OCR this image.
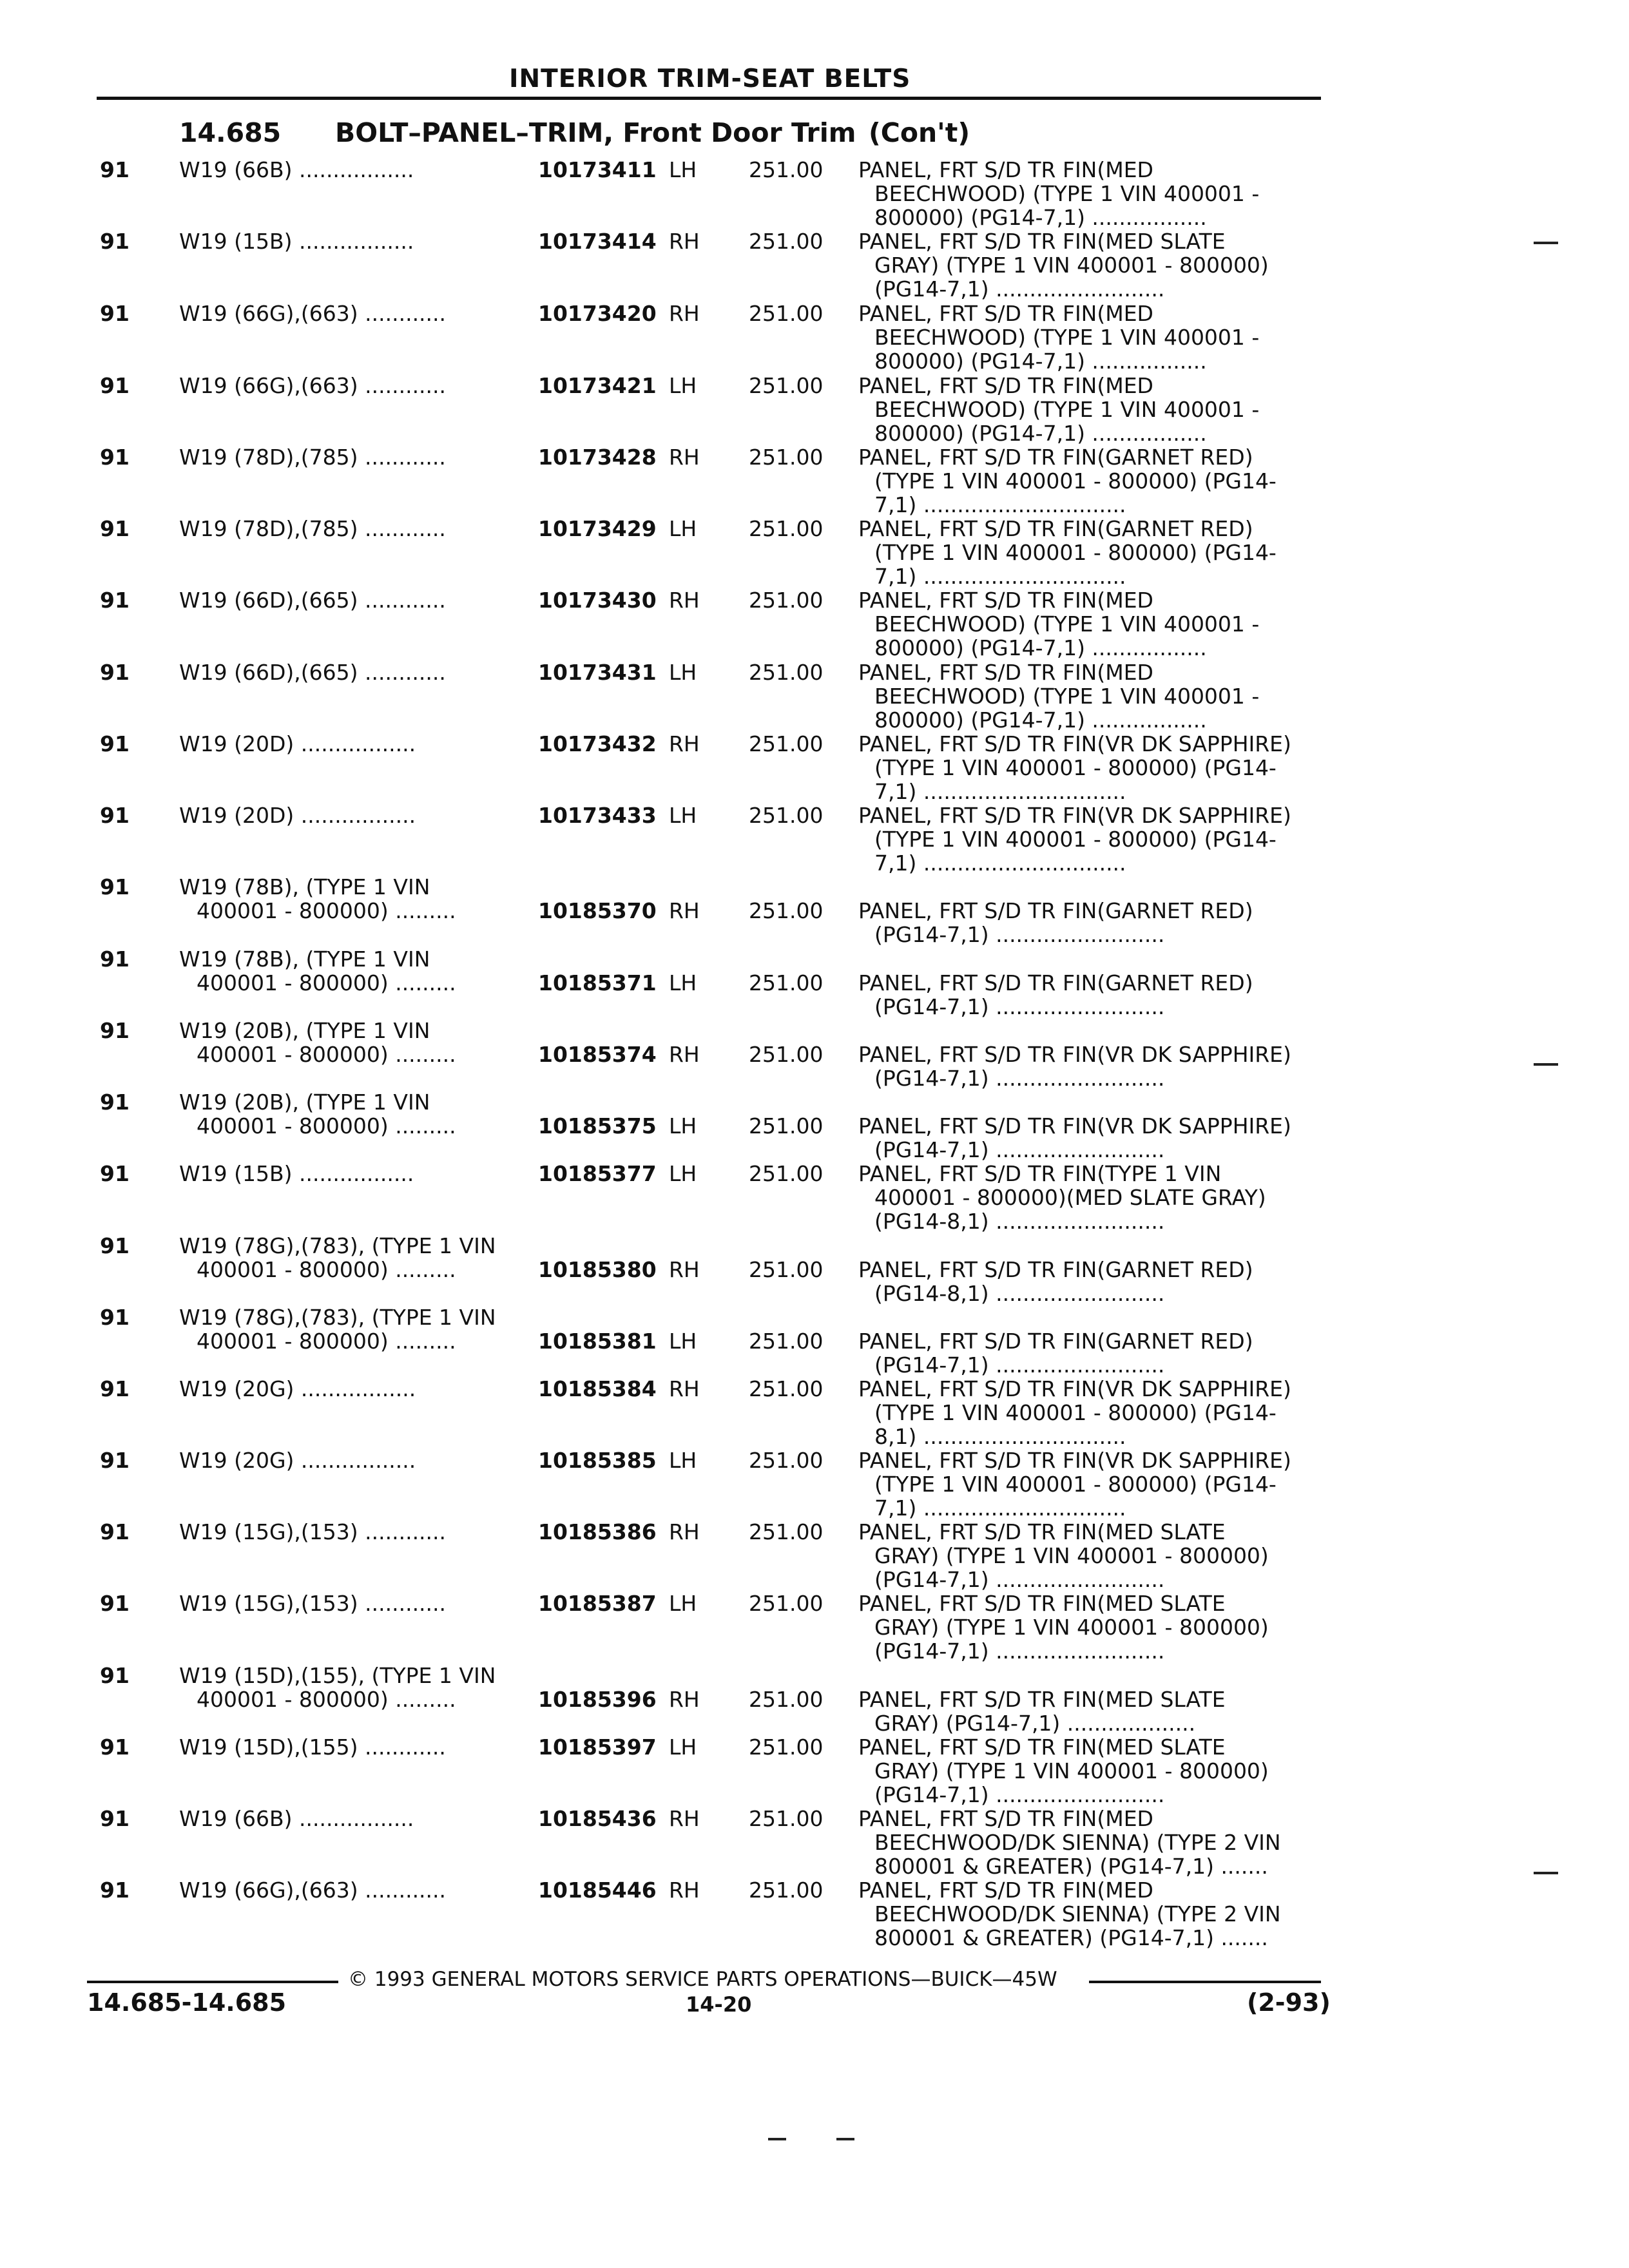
INTERIOR TRIM-SEAT BELTS
14.685 BOLT–PANEL–TRIM, Front Door Trim (Con't)
91 W19 (66B) .................	10173411 LH 251.00 PANEL, FRT S/D TR FIN(MED
BEECHWOOD) (TYPE 1 VIN 400001 -
800000) (PG14-7,1) .................
91 W19 (15B) .................	10173414 RH 251.00 PANEL, FRT S/D TR FIN(MED SLATE
GRAY) (TYPE 1 VIN 400001 - 800000)
(PG14-7,1) .........................
91 W19 (66G),(663) ............	10173420 RH 251.00 PANEL, FRT S/D TR FIN(MED
BEECHWOOD) (TYPE 1 VIN 400001 -
800000) (PG14-7,1) .................
91 W19 (66G),(663) ............	10173421 LH 251.00 PANEL, FRT S/D TR FIN(MED
BEECHWOOD) (TYPE 1 VIN 400001 -
800000) (PG14-7,1) .................
91 W19 (78D),(785) ............	10173428 RH 251.00 PANEL, FRT S/D TR FIN(GARNET RED)
(TYPE 1 VIN 400001 - 800000) (PG14-
7,1) ..............................
91 W19 (78D),(785) ............	10173429 LH 251.00 PANEL, FRT S/D TR FIN(GARNET RED)
(TYPE 1 VIN 400001 - 800000) (PG14-
7,1) ..............................
91 W19 (66D),(665) ............	10173430 RH 251.00 PANEL, FRT S/D TR FIN(MED
BEECHWOOD) (TYPE 1 VIN 400001 -
800000) (PG14-7,1) .................
91 W19 (66D),(665) ............	10173431 LH 251.00 PANEL, FRT S/D TR FIN(MED
BEECHWOOD) (TYPE 1 VIN 400001 -
800000) (PG14-7,1) .................
91 W19 (20D) .................	10173432 RH 251.00 PANEL, FRT S/D TR FIN(VR DK SAPPHIRE)
(TYPE 1 VIN 400001 - 800000) (PG14-
7,1) ..............................
91 W19 (20D) .................	10173433 LH 251.00 PANEL, FRT S/D TR FIN(VR DK SAPPHIRE)
(TYPE 1 VIN 400001 - 800000) (PG14-
7,1) ..............................
91 W19 (78B), (TYPE 1 VIN
400001 - 800000) .........	10185370 RH 251.00 PANEL, FRT S/D TR FIN(GARNET RED)
(PG14-7,1) .........................
91 W19 (78B), (TYPE 1 VIN
400001 - 800000) .........	10185371 LH 251.00 PANEL, FRT S/D TR FIN(GARNET RED)
(PG14-7,1) .........................
91 W19 (20B), (TYPE 1 VIN
400001 - 800000) .........	10185374 RH 251.00 PANEL, FRT S/D TR FIN(VR DK SAPPHIRE)
(PG14-7,1) .........................
91 W19 (20B), (TYPE 1 VIN
400001 - 800000) .........	10185375 LH 251.00 PANEL, FRT S/D TR FIN(VR DK SAPPHIRE)
(PG14-7,1) .........................
91 W19 (15B) .................	10185377 LH 251.00 PANEL, FRT S/D TR FIN(TYPE 1 VIN
400001 - 800000)(MED SLATE GRAY)
(PG14-8,1) .........................
91 W19 (78G),(783), (TYPE 1 VIN
400001 - 800000) .........	10185380 RH 251.00 PANEL, FRT S/D TR FIN(GARNET RED)
(PG14-8,1) .........................
91 W19 (78G),(783), (TYPE 1 VIN
400001 - 800000) .........	10185381 LH 251.00 PANEL, FRT S/D TR FIN(GARNET RED)
(PG14-7,1) .........................
91 W19 (20G) .................	10185384 RH 251.00 PANEL, FRT S/D TR FIN(VR DK SAPPHIRE)
(TYPE 1 VIN 400001 - 800000) (PG14-
8,1) ..............................
91 W19 (20G) .................	10185385 LH 251.00 PANEL, FRT S/D TR FIN(VR DK SAPPHIRE)
(TYPE 1 VIN 400001 - 800000) (PG14-
7,1) ..............................
91 W19 (15G),(153) ............	10185386 RH 251.00 PANEL, FRT S/D TR FIN(MED SLATE
GRAY) (TYPE 1 VIN 400001 - 800000)
(PG14-7,1) .........................
91 W19 (15G),(153) ............	10185387 LH 251.00 PANEL, FRT S/D TR FIN(MED SLATE
GRAY) (TYPE 1 VIN 400001 - 800000)
(PG14-7,1) .........................
91 W19 (15D),(155), (TYPE 1 VIN
400001 - 800000) .........	10185396 RH 251.00 PANEL, FRT S/D TR FIN(MED SLATE
GRAY) (PG14-7,1) ...................
91 W19 (15D),(155) ............	10185397 LH 251.00 PANEL, FRT S/D TR FIN(MED SLATE
GRAY) (TYPE 1 VIN 400001 - 800000)
(PG14-7,1) .........................
91 W19 (66B) .................	10185436 RH 251.00 PANEL, FRT S/D TR FIN(MED
BEECHWOOD/DK SIENNA) (TYPE 2 VIN
800001 & GREATER) (PG14-7,1) .......
91 W19 (66G),(663) ............	10185446 RH 251.00 PANEL, FRT S/D TR FIN(MED
BEECHWOOD/DK SIENNA) (TYPE 2 VIN
800001 & GREATER) (PG14-7,1) .......
© 1993 GENERAL MOTORS SERVICE PARTS OPERATIONS—BUICK—45W
14.685-14.685	14-20	(2-93)
